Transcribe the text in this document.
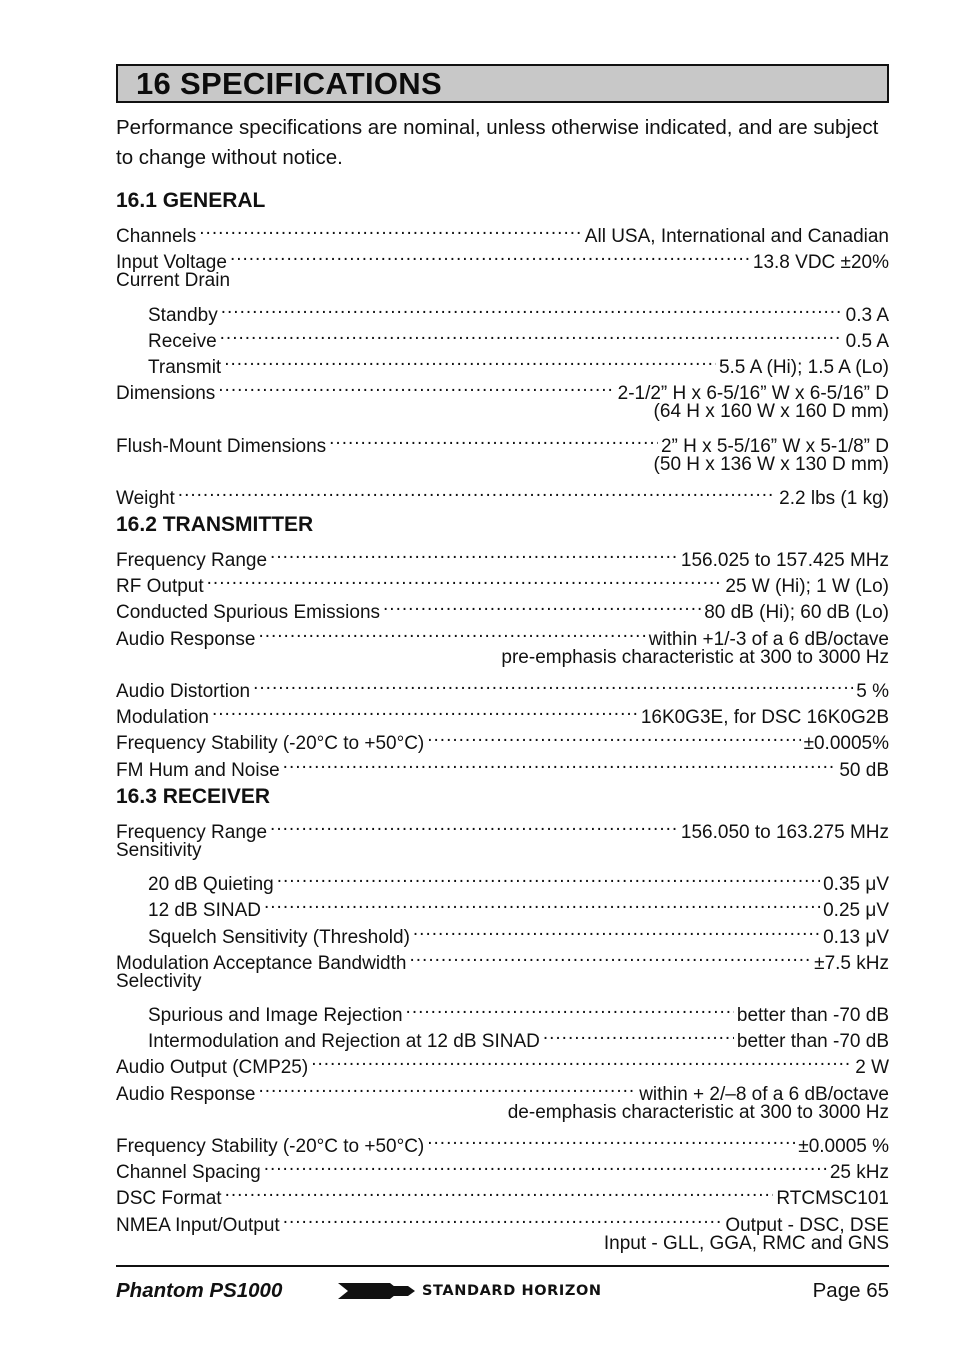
16 SPECIFICATIONS
Performance specifications are nominal, unless otherwise indicated, and are subject to change without notice.
16.1 GENERAL
Channels .....	All USA, International and Canadian
Input Voltage .....	13.8 VDC ±20%
Current Drain
Standby .....	0.3 A
Receive .....	0.5 A
Transmit .....	5.5 A (Hi); 1.5 A (Lo)
Dimensions .....	2-1/2” H x 6-5/16” W x 6-5/16” D
(64 H x 160 W x 160 D mm)
Flush-Mount Dimensions .....	2” H x 5-5/16” W x 5-1/8” D
(50 H x 136 W x 130 D mm)
Weight .....	2.2 lbs (1 kg)
16.2 TRANSMITTER
Frequency Range .....	156.025 to 157.425 MHz
RF Output .....	25 W (Hi); 1 W (Lo)
Conducted Spurious Emissions .....	80 dB (Hi); 60 dB (Lo)
Audio Response .....	within +1/-3 of a 6 dB/octave
pre-emphasis characteristic at 300 to 3000 Hz
Audio Distortion .....	5 %
Modulation .....	16K0G3E, for DSC 16K0G2B
Frequency Stability (-20°C to +50°C) .....	±0.0005%
FM Hum and Noise .....	50 dB
16.3 RECEIVER
Frequency Range .....	156.050 to 163.275 MHz
Sensitivity
20 dB Quieting .....	0.35 μV
12 dB SINAD .....	0.25 μV
Squelch Sensitivity (Threshold) .....	0.13 μV
Modulation Acceptance Bandwidth .....	±7.5 kHz
Selectivity
Spurious and Image Rejection .....	better than -70 dB
Intermodulation and Rejection at 12 dB SINAD .....	better than -70 dB
Audio Output (CMP25) .....	2 W
Audio Response .....	within + 2/–8 of a 6 dB/octave
de-emphasis characteristic at 300 to 3000 Hz
Frequency Stability (-20°C to +50°C) .....	±0.0005 %
Channel Spacing .....	25 kHz
DSC Format .....	RTCMSC101
NMEA Input/Output .....	Output - DSC, DSE
Input - GLL, GGA, RMC and GNS
Phantom PS1000	STANDARD HORIZON	Page 65
